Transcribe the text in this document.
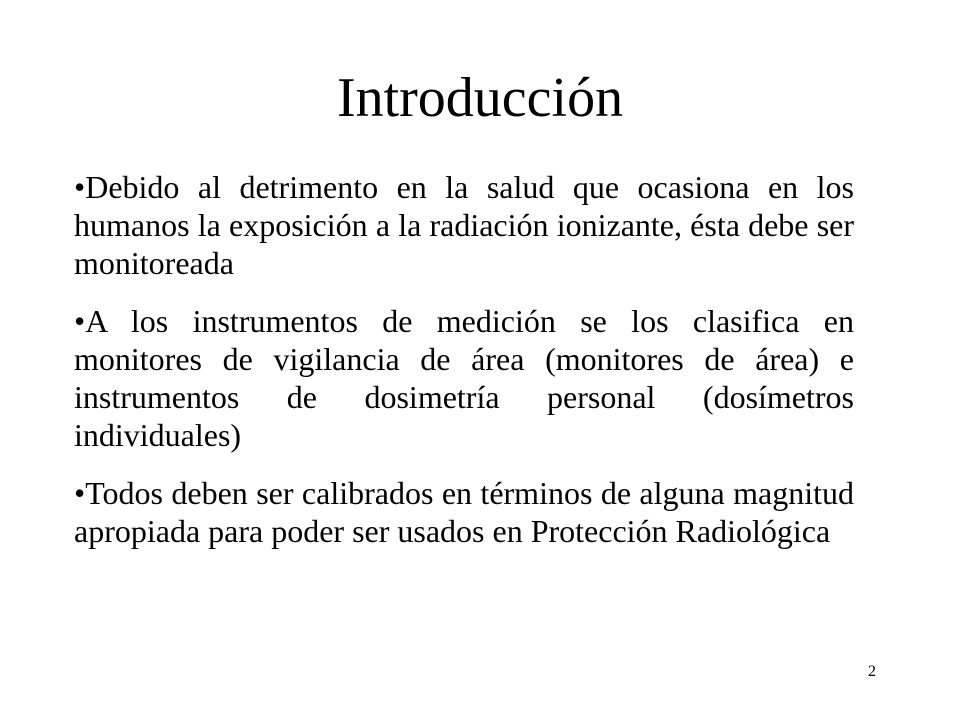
Introducción
•Debido al detrimento en la salud que ocasiona en los humanos la exposición a la radiación ionizante, ésta debe ser monitoreada
•A los instrumentos de medición se los clasifica en monitores de vigilancia de área (monitores de área) e instrumentos de dosimetría personal (dosímetros individuales)
•Todos deben ser calibrados en términos de alguna magnitud apropiada para poder ser usados en Protección Radiológica
2
